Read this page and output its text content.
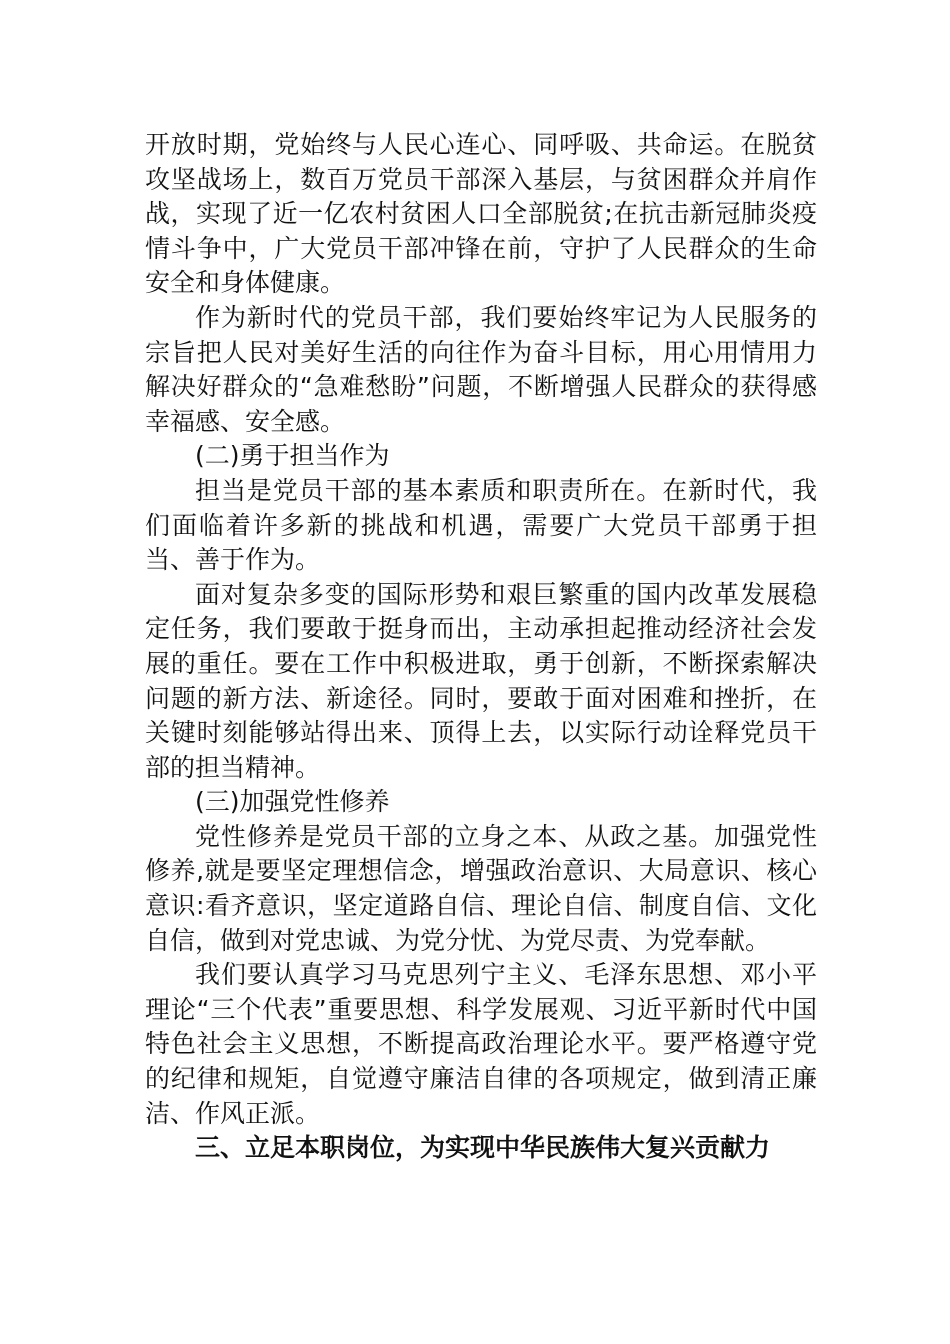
开放时期，党始终与人民心连心、同呼吸、共命运。在脱贫攻坚战场上，数百万党员干部深入基层，与贫困群众并肩作战，实现了近一亿农村贫困人口全部脱贫;在抗击新冠肺炎疫情斗争中，广大党员干部冲锋在前，守护了人民群众的生命安全和身体健康。

作为新时代的党员干部，我们要始终牢记为人民服务的宗旨把人民对美好生活的向往作为奋斗目标，用心用情用力解决好群众的“急难愁盼”问题，不断增强人民群众的获得感幸福感、安全感。

(二)勇于担当作为

担当是党员干部的基本素质和职责所在。在新时代，我们面临着许多新的挑战和机遇，需要广大党员干部勇于担当、善于作为。

面对复杂多变的国际形势和艰巨繁重的国内改革发展稳定任务，我们要敢于挺身而出，主动承担起推动经济社会发展的重任。要在工作中积极进取，勇于创新，不断探索解决问题的新方法、新途径。同时，要敢于面对困难和挫折，在关键时刻能够站得出来、顶得上去，以实际行动诠释党员干部的担当精神。

(三)加强党性修养

党性修养是党员干部的立身之本、从政之基。加强党性修养,就是要坚定理想信念，增强政治意识、大局意识、核心意识:看齐意识，坚定道路自信、理论自信、制度自信、文化自信，做到对党忠诚、为党分忧、为党尽责、为党奉献。

我们要认真学习马克思列宁主义、毛泽东思想、邓小平理论“三个代表”重要思想、科学发展观、习近平新时代中国特色社会主义思想，不断提高政治理论水平。要严格遵守党的纪律和规矩，自觉遵守廉洁自律的各项规定，做到清正廉洁、作风正派。

三、立足本职岗位，为实现中华民族伟大复兴贡献力
